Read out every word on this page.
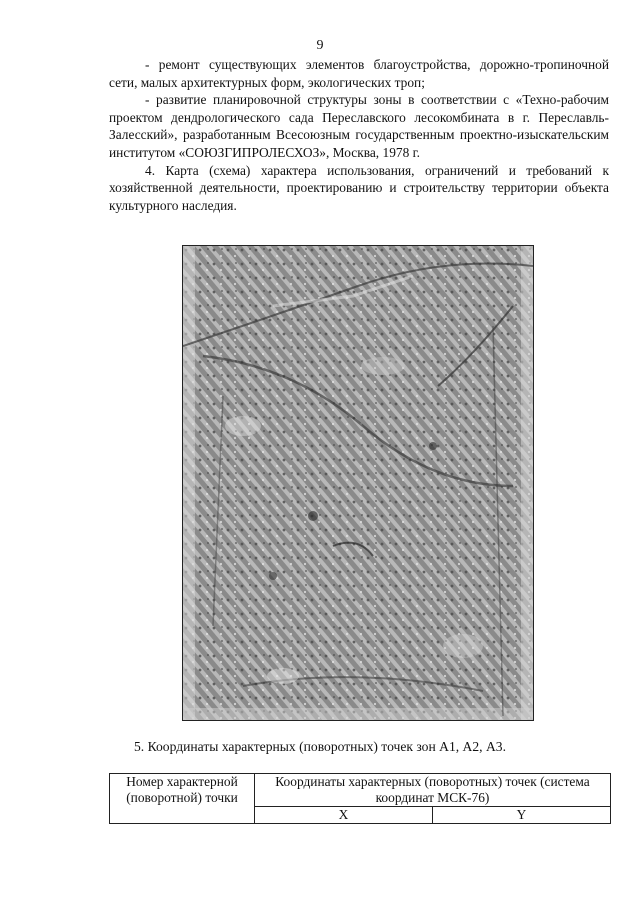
9

- ремонт существующих элементов благоустройства, дорожно-тропиночной сети, малых архитектурных форм, экологических троп;

- развитие планировочной структуры зоны в соответствии с «Техно-рабочим проектом дендрологического сада Переславского лесокомбината в г. Переславль-Залесский», разработанным Всесоюзным государственным проектно-изыскательским институтом «СОЮЗГИПРОЛЕСХОЗ», Москва, 1978 г.

4. Карта (схема) характера использования, ограничений и требований к хозяйственной деятельности, проектированию и строительству территории объекта культурного наследия.

5. Координаты характерных (поворотных) точек зон А1, А2, А3.
Номер характерной (поворотной) точки	Координаты характерных (поворотных) точек (система координат МСК-76)	
	X	Y
